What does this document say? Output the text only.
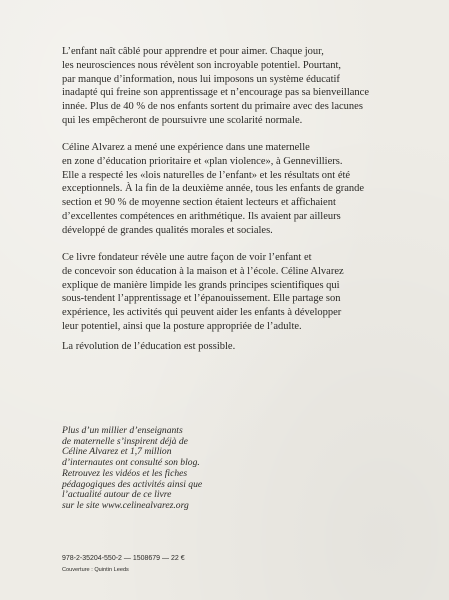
L’enfant naît câblé pour apprendre et pour aimer. Chaque jour,
les neurosciences nous révèlent son incroyable potentiel. Pourtant,
par manque d’information, nous lui imposons un système éducatif
inadapté qui freine son apprentissage et n’encourage pas sa bienveillance
innée. Plus de 40 % de nos enfants sortent du primaire avec des lacunes
qui les empêcheront de poursuivre une scolarité normale.

Céline Alvarez a mené une expérience dans une maternelle
en zone d’éducation prioritaire et «plan violence», à Gennevilliers.
Elle a respecté les «lois naturelles de l’enfant» et les résultats ont été
exceptionnels. À la fin de la deuxième année, tous les enfants de grande
section et 90 % de moyenne section étaient lecteurs et affichaient
d’excellentes compétences en arithmétique. Ils avaient par ailleurs
développé de grandes qualités morales et sociales.

Ce livre fondateur révèle une autre façon de voir l’enfant et
de concevoir son éducation à la maison et à l’école. Céline Alvarez
explique de manière limpide les grands principes scientifiques qui
sous-tendent l’apprentissage et l’épanouissement. Elle partage son
expérience, les activités qui peuvent aider les enfants à développer
leur potentiel, ainsi que la posture appropriée de l’adulte.

La révolution de l’éducation est possible.

Plus d’un millier d’enseignants
de maternelle s’inspirent déjà de
Céline Alvarez et 1,7 million
d’internautes ont consulté son blog.
Retrouvez les vidéos et les fiches
pédagogiques des activités ainsi que
l’actualité autour de ce livre
sur le site www.celinealvarez.org

978-2-35204-550-2 — 1508679 — 22 €
Couverture : Quintin Leeds
